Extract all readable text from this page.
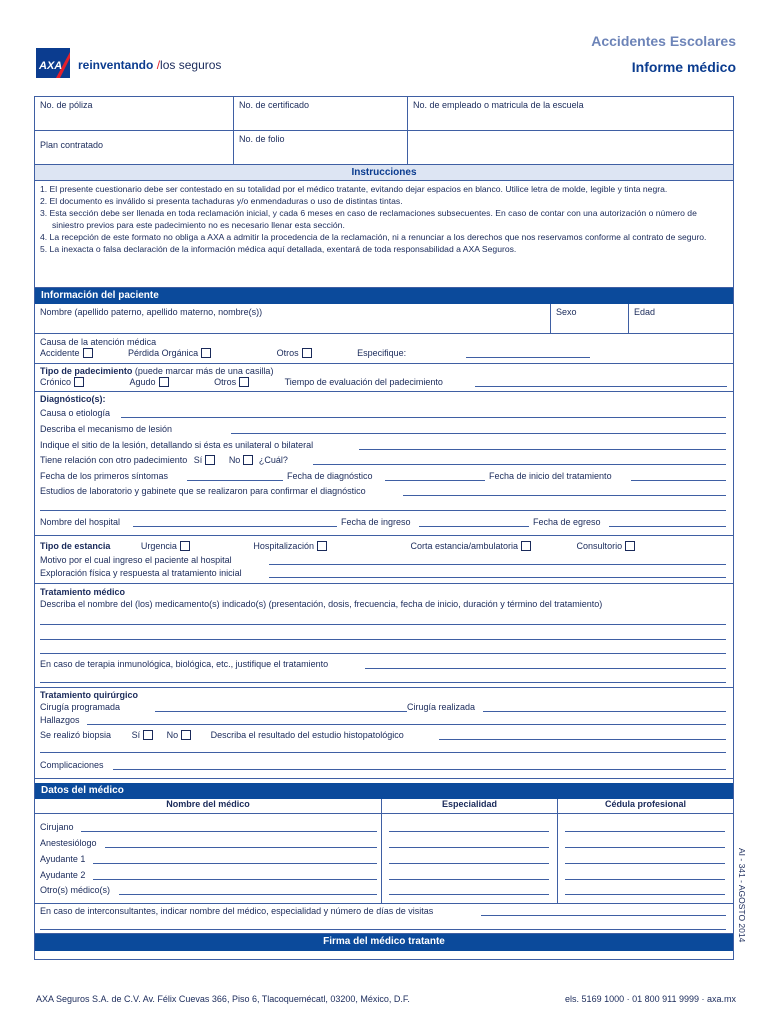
AXA reinventando /los seguros
Accidentes Escolares
Informe médico
No. de póliza	No. de certificado	No. de empleado o matricula de la escuela
Plan contratado
No. de folio
Instrucciones

1. El presente cuestionario debe ser contestado en su totalidad por el médico tratante, evitando dejar espacios en blanco. Utilice letra de molde, legible y tinta negra.

2. El documento es inválido si presenta tachaduras y/o enmendaduras o uso de distintas tintas.

3. Esta sección debe ser llenada en toda reclamación inicial, y cada 6 meses en caso de reclamaciones subsecuentes. En caso de contar con una autorización o número de siniestro previos para este padecimiento no es necesario llenar esta sección.

4. La recepción de este formato no obliga a AXA a admitir la procedencia de la reclamación, ni a renunciar a los derechos que nos reservamos conforme al contrato de seguro.

5. La inexacta o falsa declaración de la información médica aquí detallada, exentará de toda responsabilidad a AXA Seguros.

Información del paciente
Nombre (apellido paterno, apellido materno, nombre(s))	Sexo	Edad
Causa de la atención médica
Accidente	Pérdida Orgánica	Otros	Especifique:
Tipo de padecimiento (puede marcar más de una casilla)
Crónico	Agudo	Otros	Tiempo de evaluación del padecimiento
Diagnóstico(s):
Causa o etiología
Describa el mecanismo de lesión
Indique el sitio de la lesión, detallando si ésta es unilateral o bilateral
Tiene relación con otro padecimiento Sí	No ¿Cuál?
Fecha de los primeros síntomas	Fecha de diagnóstico	Fecha de inicio del tratamiento
Estudios de laboratorio y gabinete que se realizaron para confirmar el diagnóstico
Nombre del hospital	Fecha de ingreso	Fecha de egreso
Tipo de estancia	Urgencia	Hospitalización	Corta estancia/ambulatoria	Consultorio
Motivo por el cual ingreso el paciente al hospital
Exploración física y respuesta al tratamiento inicial
Tratamiento médico
Describa el nombre del (los) medicamento(s) indicado(s) (presentación, dosis, frecuencia, fecha de inicio, duración y término del tratamiento)
En caso de terapia inmunológica, biológica, etc., justifique el tratamiento
Tratamiento quirúrgico
Cirugía programada	Cirugía realizada
Hallazgos
Se realizó biopsia Sí	No	Describa el resultado del estudio histopatológico
Complicaciones
Datos del médico
Nombre del médico	Especialidad	Cédula profesional
Cirujano
Anestesiólogo
Ayudante 1
Ayudante 2
Otro(s) médico(s)
En caso de interconsultantes, indicar nombre del médico, especialidad y número de días de visitas
Firma del médico tratante	AI - 341 - AGOSTO 2014
AXA Seguros S.A. de C.V. Av. Félix Cuevas 366, Piso 6, Tlacoquemécatl, 03200, México, D.F.	els. 5169 1000 · 01 800 911 9999 · axa.mx
